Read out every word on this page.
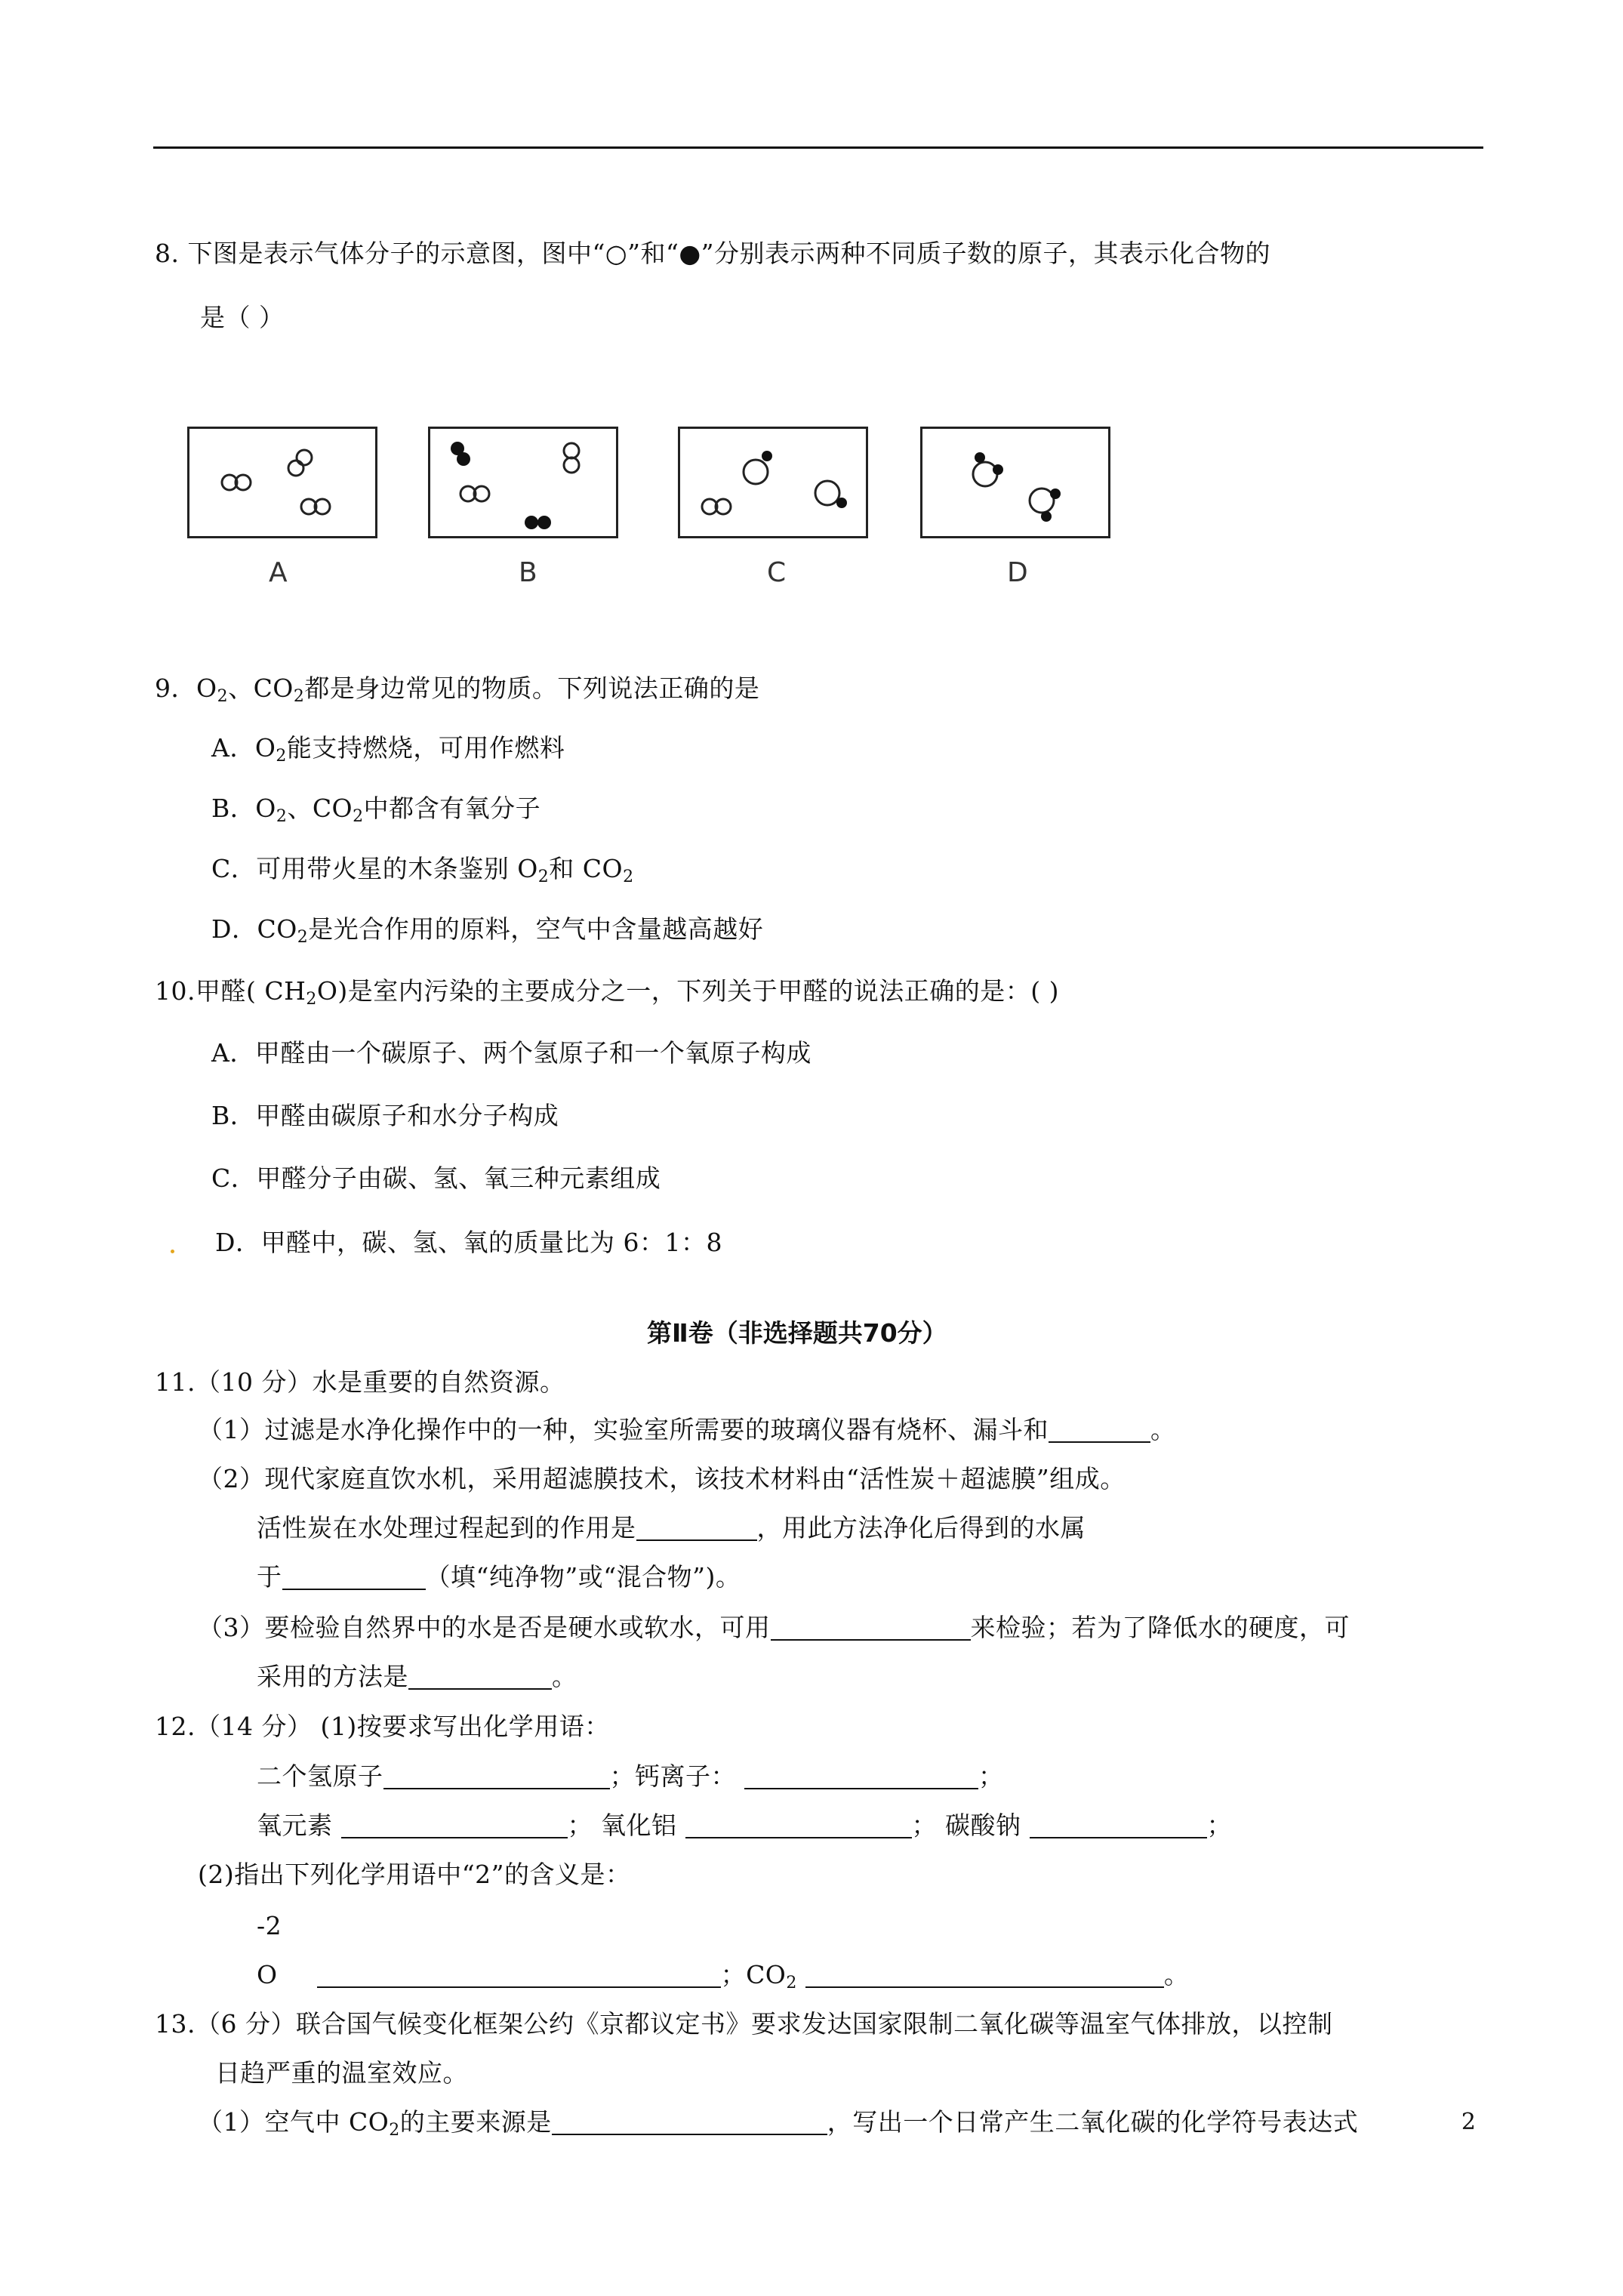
8. 下图是表示气体分子的示意图，图中“○”和“●”分别表示两种不同质子数的原子，其表示化合物的
是（ ）
A	B	C	D
9．$O_2$、$CO_2$都是身边常见的物质。下列说法正确的是
A．$O_2$能支持燃烧，可用作燃料
B．$O_2$、$CO_2$中都含有氧分子
C．可用带火星的木条鉴别 $O_2$和 $CO_2$
D．$CO_2$是光合作用的原料，空气中含量越高越好
10.甲醛( $CH_2O$)是室内污染的主要成分之一，下列关于甲醛的说法正确的是：( )
A．甲醛由一个碳原子、两个氢原子和一个氧原子构成
B．甲醛由碳原子和水分子构成
C．甲醛分子由碳、氢、氧三种元素组成
D．甲醛中，碳、氢、氧的质量比为 6：1：8
第Ⅱ卷（非选择题共70分）
11.（10 分）水是重要的自然资源。
（1）过滤是水净化操作中的一种，实验室所需要的玻璃仪器有烧杯、漏斗和	。
（2）现代家庭直饮水机，采用超滤膜技术，该技术材料由“活性炭＋超滤膜”组成。
活性炭在水处理过程起到的作用是	，用此方法净化后得到的水属
于	（填“纯净物”或“混合物”)。
（3）要检验自然界中的水是否是硬水或软水，可用	来检验；若为了降低水的硬度，可
采用的方法是	。
12.（14 分） (1)按要求写出化学用语：
二个氢原子	；钙离子：	；
氧元素	； 氧化铝	； 碳酸钠	；
(2)指出下列化学用语中“2”的含义是：
-2
O	；$CO_2$	。
13.（6 分）联合国气候变化框架公约《京都议定书》要求发达国家限制二氧化碳等温室气体排放，以控制
日趋严重的温室效应。
（1）空气中 $CO_2$的主要来源是	，写出一个日常产生二氧化碳的化学符号表达式	2
